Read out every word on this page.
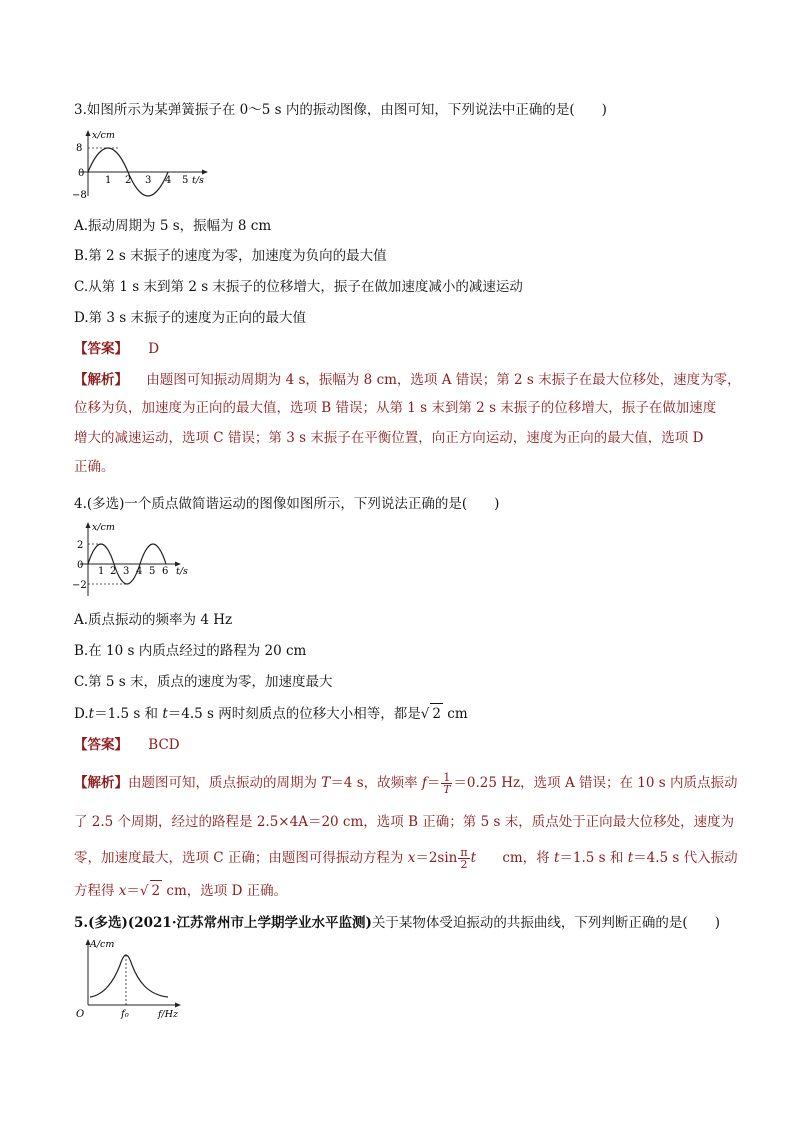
3.如图所示为某弹簧振子在 0～5 s 内的振动图像，由图可知，下列说法中正确的是(　　)
x/cm
8
0
−8
1 2 3 4 5 t/s
A.振动周期为 5 s，振幅为 8 cm
B.第 2 s 末振子的速度为零，加速度为负向的最大值
C.从第 1 s 末到第 2 s 末振子的位移增大，振子在做加速度减小的减速运动
D.第 3 s 末振子的速度为正向的最大值
【答案】 D
【解析】 由题图可知振动周期为 4 s，振幅为 8 cm，选项 A 错误；第 2 s 末振子在最大位移处，速度为零，
位移为负，加速度为正向的最大值，选项 B 错误；从第 1 s 末到第 2 s 末振子的位移增大，振子在做加速度
增大的减速运动，选项 C 错误；第 3 s 末振子在平衡位置，向正方向运动，速度为正向的最大值，选项 D
正确。
4.(多选)一个质点做简谐运动的图像如图所示，下列说法正确的是(　　)
x/cm
2
0
−2
1 2 3 4 5 6 t/s
A.质点振动的频率为 4 Hz
B.在 10 s 内质点经过的路程为 20 cm
C.第 5 s 末，质点的速度为零，加速度最大
D.t＝1.5 s 和 t＝4.5 s 两时刻质点的位移大小相等，都是√ 2 cm
【答案】 BCD
【解析】由题图可知，质点振动的周期为 T＝4 s，故频率 $f= \frac{1}{T} =0.25$ Hz，选项 A 错误；在 10 s 内质点振动
了 2.5 个周期，经过的路程是 2.5×4A＝20 cm，选项 B 正确；第 5 s 末，质点处于正向最大位移处，速度为
零，加速度最大，选项 C 正确；由题图可得振动方程为 $x=2\sin \frac{\pi}{2}$ t cm，将 t＝1.5 s 和 t＝4.5 s 代入振动
方程得 x＝√ 2 cm，选项 D 正确。
5.(多选)(2021·江苏常州市上学期学业水平监测)关于某物体受迫振动的共振曲线，下列判断正确的是(　　)
A/cm
O	f₀	f/Hz
